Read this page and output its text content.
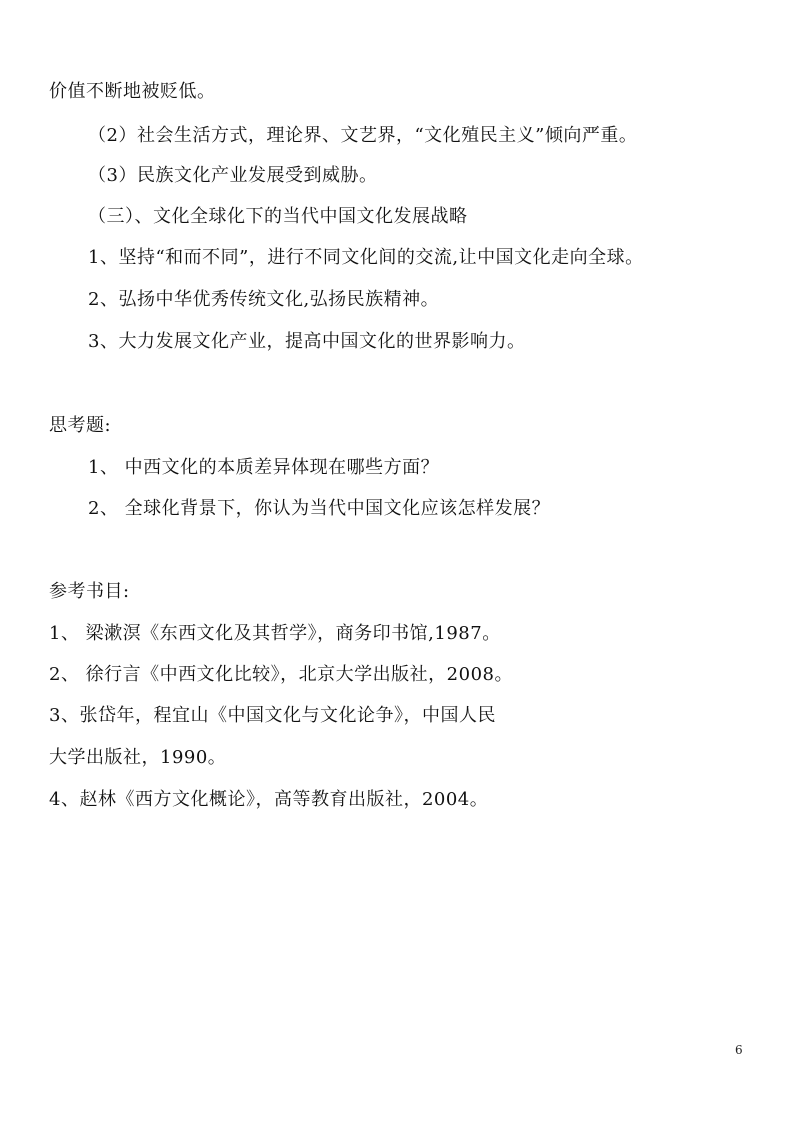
价值不断地被贬低。
（2）社会生活方式，理论界、文艺界，“文化殖民主义”倾向严重。
（3）民族文化产业发展受到威胁。
（三）、文化全球化下的当代中国文化发展战略
1、坚持“和而不同”，进行不同文化间的交流,让中国文化走向全球。
2、弘扬中华优秀传统文化,弘扬民族精神。
3、大力发展文化产业，提高中国文化的世界影响力。
思考题:
1、 中西文化的本质差异体现在哪些方面？
2、 全球化背景下，你认为当代中国文化应该怎样发展？
参考书目:
1、 梁漱溟《东西文化及其哲学》，商务印书馆,1987。
2、 徐行言《中西文化比较》，北京大学出版社，2008。
3、张岱年，程宜山《中国文化与文化论争》，中国人民
大学出版社，1990。
4、赵林《西方文化概论》，高等教育出版社，2004。
6
